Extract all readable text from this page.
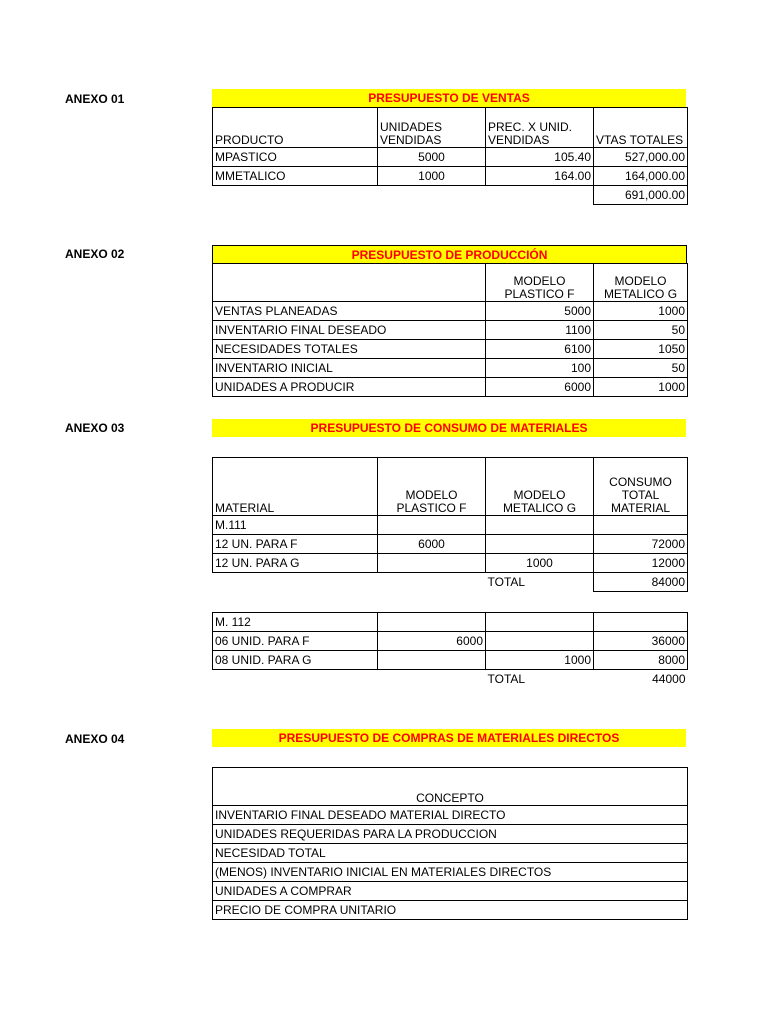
ANEXO 01	PRESUPUESTO DE VENTAS
PRODUCTO	UNIDADES VENDIDAS	PREC. X UNID. VENDIDAS	VTAS TOTALES
MPASTICO	5000	105.40	527,000.00
MMETALICO	1000	164.00	164,000.00
			691,000.00
ANEXO 02	PRESUPUESTO DE PRODUCCIÓN
	MODELO PLASTICO F	MODELO METALICO G
VENTAS PLANEADAS	5000	1000
INVENTARIO FINAL DESEADO	1100	50
NECESIDADES TOTALES	6100	1050
INVENTARIO INICIAL	100	50
UNIDADES A PRODUCIR	6000	1000
ANEXO 03	PRESUPUESTO DE CONSUMO DE MATERIALES
MATERIAL	MODELO PLASTICO F	MODELO METALICO G	CONSUMO TOTAL MATERIAL
M.111			
12 UN. PARA F	6000		72000
12 UN. PARA G		1000	12000
		TOTAL	84000
M. 112			
06 UNID. PARA F	6000		36000
08 UNID. PARA G		1000	8000
		TOTAL	44000
ANEXO 04	PRESUPUESTO DE COMPRAS DE MATERIALES DIRECTOS
CONCEPTO
INVENTARIO FINAL DESEADO MATERIAL DIRECTO
UNIDADES REQUERIDAS PARA LA PRODUCCION
NECESIDAD TOTAL
(MENOS) INVENTARIO INICIAL EN MATERIALES DIRECTOS
UNIDADES A COMPRAR
PRECIO DE COMPRA UNITARIO
